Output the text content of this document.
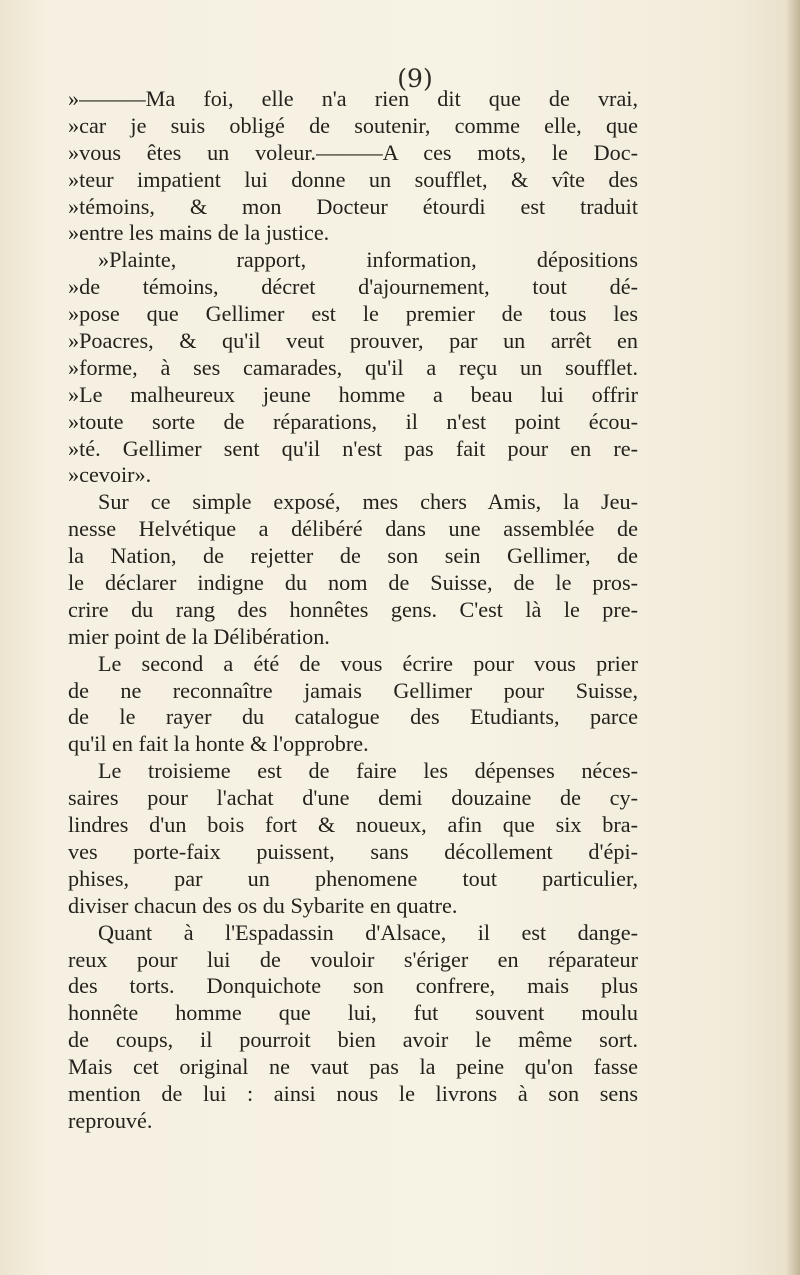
(9)
»———Ma foi, elle n'a rien dit que de vrai,
»car je suis obligé de soutenir, comme elle, que
»vous êtes un voleur.———A ces mots, le Doc-
»teur impatient lui donne un soufflet, & vîte des
»témoins, & mon Docteur étourdi est traduit
»entre les mains de la justice.
»Plainte, rapport, information, dépositions
»de témoins, décret d'ajournement, tout dé-
»pose que Gellimer est le premier de tous les
»Poacres, & qu'il veut prouver, par un arrêt en
»forme, à ses camarades, qu'il a reçu un soufflet.
»Le malheureux jeune homme a beau lui offrir
»toute sorte de réparations, il n'est point écou-
»té. Gellimer sent qu'il n'est pas fait pour en re-
»cevoir».
Sur ce simple exposé, mes chers Amis, la Jeu-
nesse Helvétique a délibéré dans une assemblée de
la Nation, de rejetter de son sein Gellimer, de
le déclarer indigne du nom de Suisse, de le pros-
crire du rang des honnêtes gens. C'est là le pre-
mier point de la Délibération.
Le second a été de vous écrire pour vous prier
de ne reconnaître jamais Gellimer pour Suisse,
de le rayer du catalogue des Etudiants, parce
qu'il en fait la honte & l'opprobre.
Le troisieme est de faire les dépenses néces-
saires pour l'achat d'une demi douzaine de cy-
lindres d'un bois fort & noueux, afin que six bra-
ves porte-faix puissent, sans décollement d'épi-
phises, par un phenomene tout particulier,
diviser chacun des os du Sybarite en quatre.
Quant à l'Espadassin d'Alsace, il est dange-
reux pour lui de vouloir s'ériger en réparateur
des torts. Donquichote son confrere, mais plus
honnête homme que lui, fut souvent moulu
de coups, il pourroit bien avoir le même sort.
Mais cet original ne vaut pas la peine qu'on fasse
mention de lui : ainsi nous le livrons à son sens
reprouvé.
